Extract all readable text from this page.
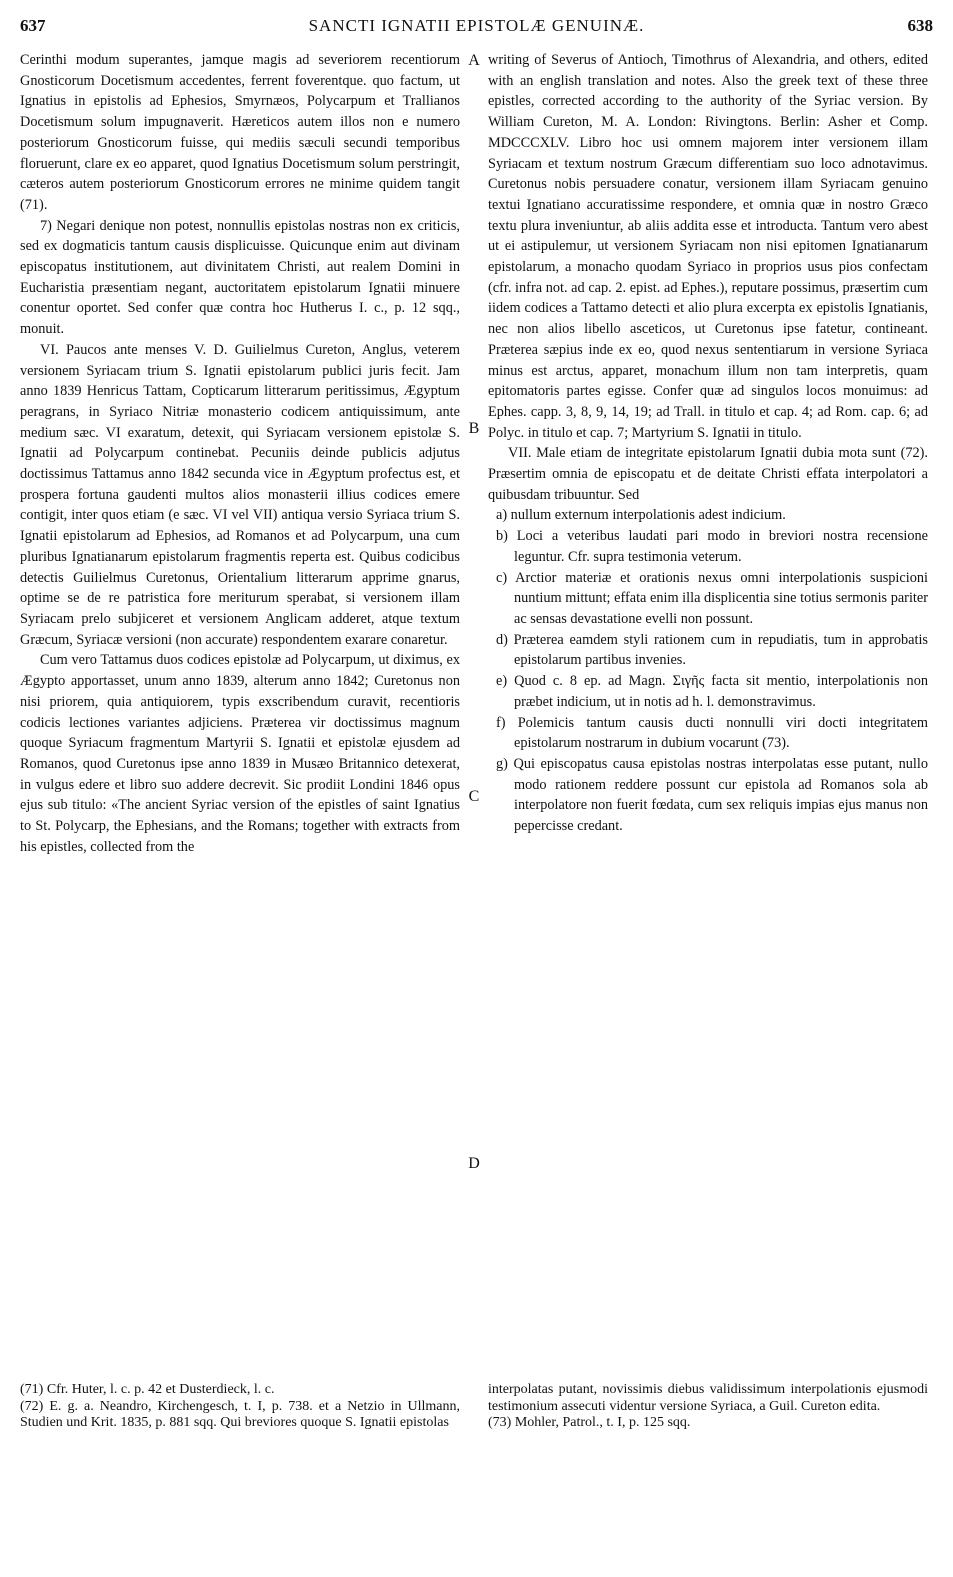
637	SANCTI IGNATII EPISTOLÆ GENUINÆ.	638
A
B
C
D

Cerinthi modum superantes, jamque magis ad severiorem recentiorum Gnosticorum Docetismum accedentes, ferrent foverentque. quo factum, ut Ignatius in epistolis ad Ephesios, Smyrnæos, Polycarpum et Trallianos Docetismum solum impugnaverit. Hæreticos autem illos non e numero posteriorum Gnosticorum fuisse, qui mediis sæculi secundi temporibus floruerunt, clare ex eo apparet, quod Ignatius Docetismum solum perstringit, cæteros autem posteriorum Gnosticorum errores ne minime quidem tangit (71).

7) Negari denique non potest, nonnullis epistolas nostras non ex criticis, sed ex dogmaticis tantum causis displicuisse. Quicunque enim aut divinam episcopatus institutionem, aut divinitatem Christi, aut realem Domini in Eucharistia præsentiam negant, auctoritatem epistolarum Ignatii minuere conentur oportet. Sed confer quæ contra hoc Hutherus I. c., p. 12 sqq., monuit.

VI. Paucos ante menses V. D. Guilielmus Cureton, Anglus, veterem versionem Syriacam trium S. Ignatii epistolarum publici juris fecit. Jam anno 1839 Henricus Tattam, Copticarum litterarum peritissimus, Ægyptum peragrans, in Syriaco Nitriæ monasterio codicem antiquissimum, ante medium sæc. VI exaratum, detexit, qui Syriacam versionem epistolæ S. Ignatii ad Polycarpum continebat. Pecuniis deinde publicis adjutus doctissimus Tattamus anno 1842 secunda vice in Ægyptum profectus est, et prospera fortuna gaudenti multos alios monasterii illius codices emere contigit, inter quos etiam (e sæc. VI vel VII) antiqua versio Syriaca trium S. Ignatii epistolarum ad Ephesios, ad Romanos et ad Polycarpum, una cum pluribus Ignatianarum epistolarum fragmentis reperta est. Quibus codicibus detectis Guilielmus Curetonus, Orientalium litterarum apprime gnarus, optime se de re patristica fore meriturum sperabat, si versionem illam Syriacam prelo subjiceret et versionem Anglicam adderet, atque textum Græcum, Syriacæ versioni (non accurate) respondentem exarare conaretur.

Cum vero Tattamus duos codices epistolæ ad Polycarpum, ut diximus, ex Ægypto apportasset, unum anno 1839, alterum anno 1842; Curetonus non nisi priorem, quia antiquiorem, typis exscribendum curavit, recentioris codicis lectiones variantes adjiciens. Præterea vir doctissimus magnum quoque Syriacum fragmentum Martyrii S. Ignatii et epistolæ ejusdem ad Romanos, quod Curetonus ipse anno 1839 in Musæo Britannico detexerat, in vulgus edere et libro suo addere decrevit. Sic prodiit Londini 1846 opus ejus sub titulo: «The ancient Syriac version of the epistles of saint Ignatius to St. Polycarp, the Ephesians, and the Romans; together with extracts from his epistles, collected from the

writing of Severus of Antioch, Timothrus of Alexandria, and others, edited with an english translation and notes. Also the greek text of these three epistles, corrected according to the authority of the Syriac version. By William Cureton, M. A. London: Rivingtons. Berlin: Asher et Comp. MDCCCXLV. Libro hoc usi omnem majorem inter versionem illam Syriacam et textum nostrum Græcum differentiam suo loco adnotavimus. Curetonus nobis persuadere conatur, versionem illam Syriacam genuino textui Ignatiano accuratissime respondere, et omnia quæ in nostro Græco textu plura inveniuntur, ab aliis addita esse et introducta. Tantum vero abest ut ei astipulemur, ut versionem Syriacam non nisi epitomen Ignatianarum epistolarum, a monacho quodam Syriaco in proprios usus pios confectam (cfr. infra not. ad cap. 2. epist. ad Ephes.), reputare possimus, præsertim cum iidem codices a Tattamo detecti et alio plura excerpta ex epistolis Ignatianis, nec non alios libello asceticos, ut Curetonus ipse fatetur, contineant. Præterea sæpius inde ex eo, quod nexus sententiarum in versione Syriaca minus est arctus, apparet, monachum illum non tam interpretis, quam epitomatoris partes egisse. Confer quæ ad singulos locos monuimus: ad Ephes. capp. 3, 8, 9, 14, 19; ad Trall. in titulo et cap. 4; ad Rom. cap. 6; ad Polyc. in titulo et cap. 7; Martyrium S. Ignatii in titulo.

VII. Male etiam de integritate epistolarum Ignatii dubia mota sunt (72). Præsertim omnia de episcopatu et de deitate Christi effata interpolatori a quibusdam tribuuntur. Sed

a) nullum externum interpolationis adest indicium.

b) Loci a veteribus laudati pari modo in breviori nostra recensione leguntur. Cfr. supra testimonia veterum.

c) Arctior materiæ et orationis nexus omni interpolationis suspicioni nuntium mittunt; effata enim illa displicentia sine totius sermonis pariter ac sensas devastatione evelli non possunt.

d) Præterea eamdem styli rationem cum in repudiatis, tum in approbatis epistolarum partibus invenies.

e) Quod c. 8 ep. ad Magn. Σιγῆς facta sit mentio, interpolationis non præbet indicium, ut in notis ad h. l. demonstravimus.

f) Polemicis tantum causis ducti nonnulli viri docti integritatem epistolarum nostrarum in dubium vocarunt (73).

g) Qui episcopatus causa epistolas nostras interpolatas esse putant, nullo modo rationem reddere possunt cur epistola ad Romanos sola ab interpolatore non fuerit fœdata, cum sex reliquis impias ejus manus non pepercisse credant.

(71) Cfr. Huter, l. c. p. 42 et Dusterdieck, l. c.

(72) E. g. a. Neandro, Kirchengesch, t. I, p. 738. et a Netzio in Ullmann, Studien und Krit. 1835, p. 881 sqq. Qui breviores quoque S. Ignatii epistolas

interpolatas putant, novissimis diebus validissimum interpolationis ejusmodi testimonium assecuti videntur versione Syriaca, a Guil. Cureton edita.

(73) Mohler, Patrol., t. I, p. 125 sqq.
